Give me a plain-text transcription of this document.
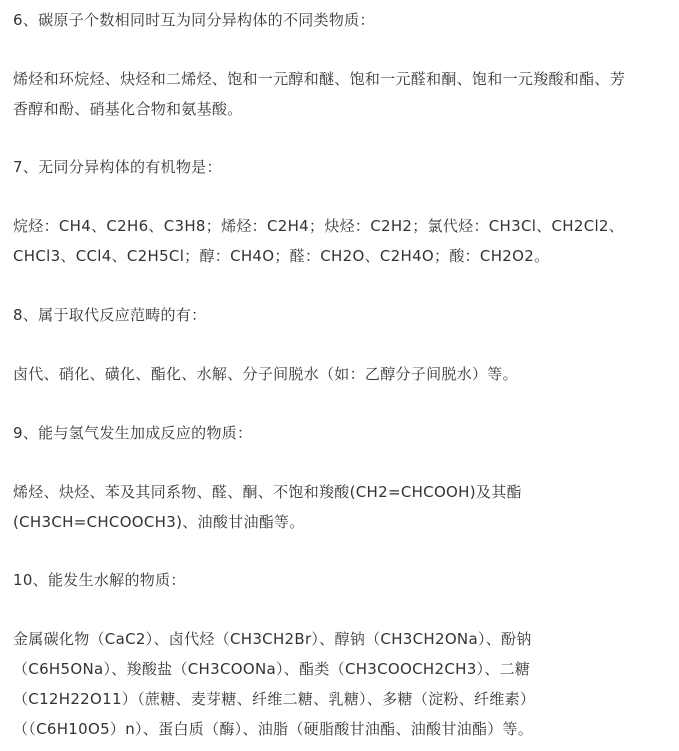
6、碳原子个数相同时互为同分异构体的不同类物质：

烯烃和环烷烃、炔烃和二烯烃、饱和一元醇和醚、饱和一元醛和酮、饱和一元羧酸和酯、芳

香醇和酚、硝基化合物和氨基酸。

7、无同分异构体的有机物是：

烷烃：CH4、C2H6、C3H8；烯烃：C2H4；炔烃：C2H2；氯代烃：CH3Cl、CH2Cl2、

CHCl3、CCl4、C2H5Cl；醇：CH4O；醛：CH2O、C2H4O；酸：CH2O2。

8、属于取代反应范畴的有：

卤代、硝化、磺化、酯化、水解、分子间脱水（如：乙醇分子间脱水）等。

9、能与氢气发生加成反应的物质：

烯烃、炔烃、苯及其同系物、醛、酮、不饱和羧酸(CH2=CHCOOH)及其酯

(CH3CH=CHCOOCH3)、油酸甘油酯等。

10、能发生水解的物质：

金属碳化物（CaC2）、卤代烃（CH3CH2Br）、醇钠（CH3CH2ONa）、酚钠

（C6H5ONa）、羧酸盐（CH3COONa）、酯类（CH3COOCH2CH3）、二糖

（C12H22O11）（蔗糖、麦芽糖、纤维二糖、乳糖）、多糖（淀粉、纤维素）

（（C6H10O5）n）、蛋白质（酶）、油脂（硬脂酸甘油酯、油酸甘油酯）等。
